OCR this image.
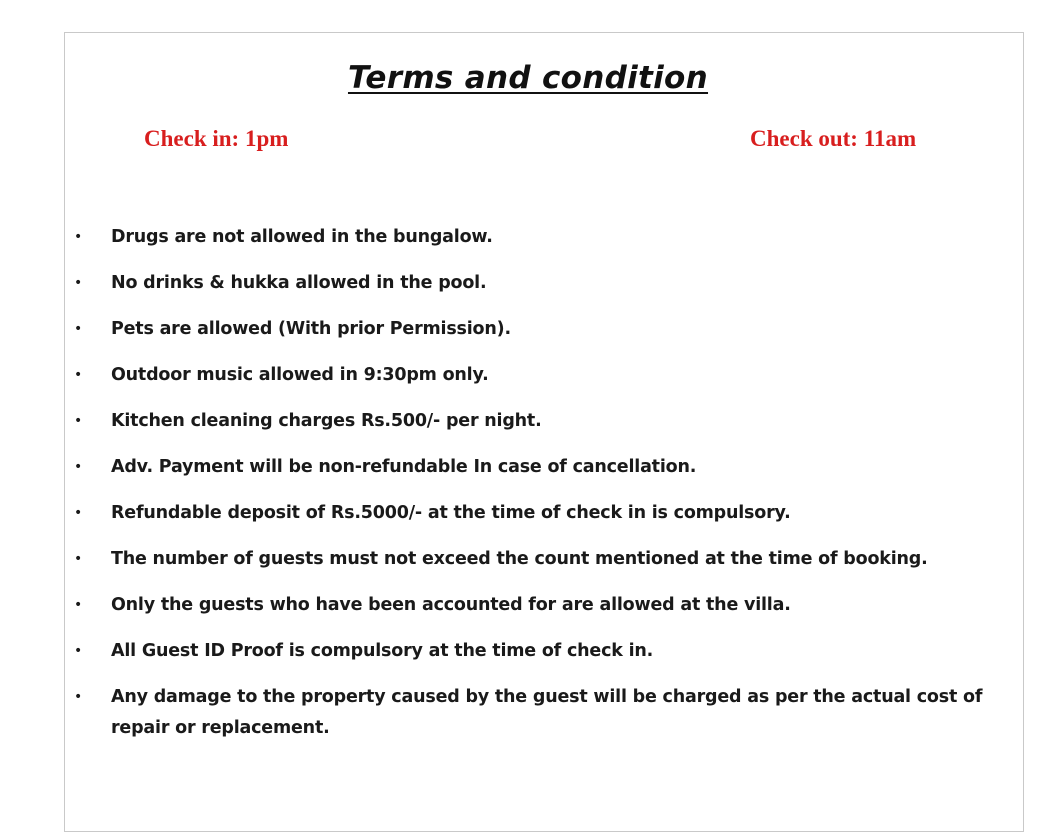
Terms and condition
Check in: 1pm	Check out: 11am
• Drugs are not allowed in the bungalow.
• No drinks & hukka allowed in the pool.
• Pets are allowed (With prior Permission).
• Outdoor music allowed in 9:30pm only.
• Kitchen cleaning charges Rs.500/- per night.
• Adv. Payment will be non-refundable In case of cancellation.
• Refundable deposit of Rs.5000/- at the time of check in is compulsory.
• The number of guests must not exceed the count mentioned at the time of booking.
• Only the guests who have been accounted for are allowed at the villa.
• All Guest ID Proof is compulsory at the time of check in.
• Any damage to the property caused by the guest will be charged as per the actual cost of repair or replacement.
